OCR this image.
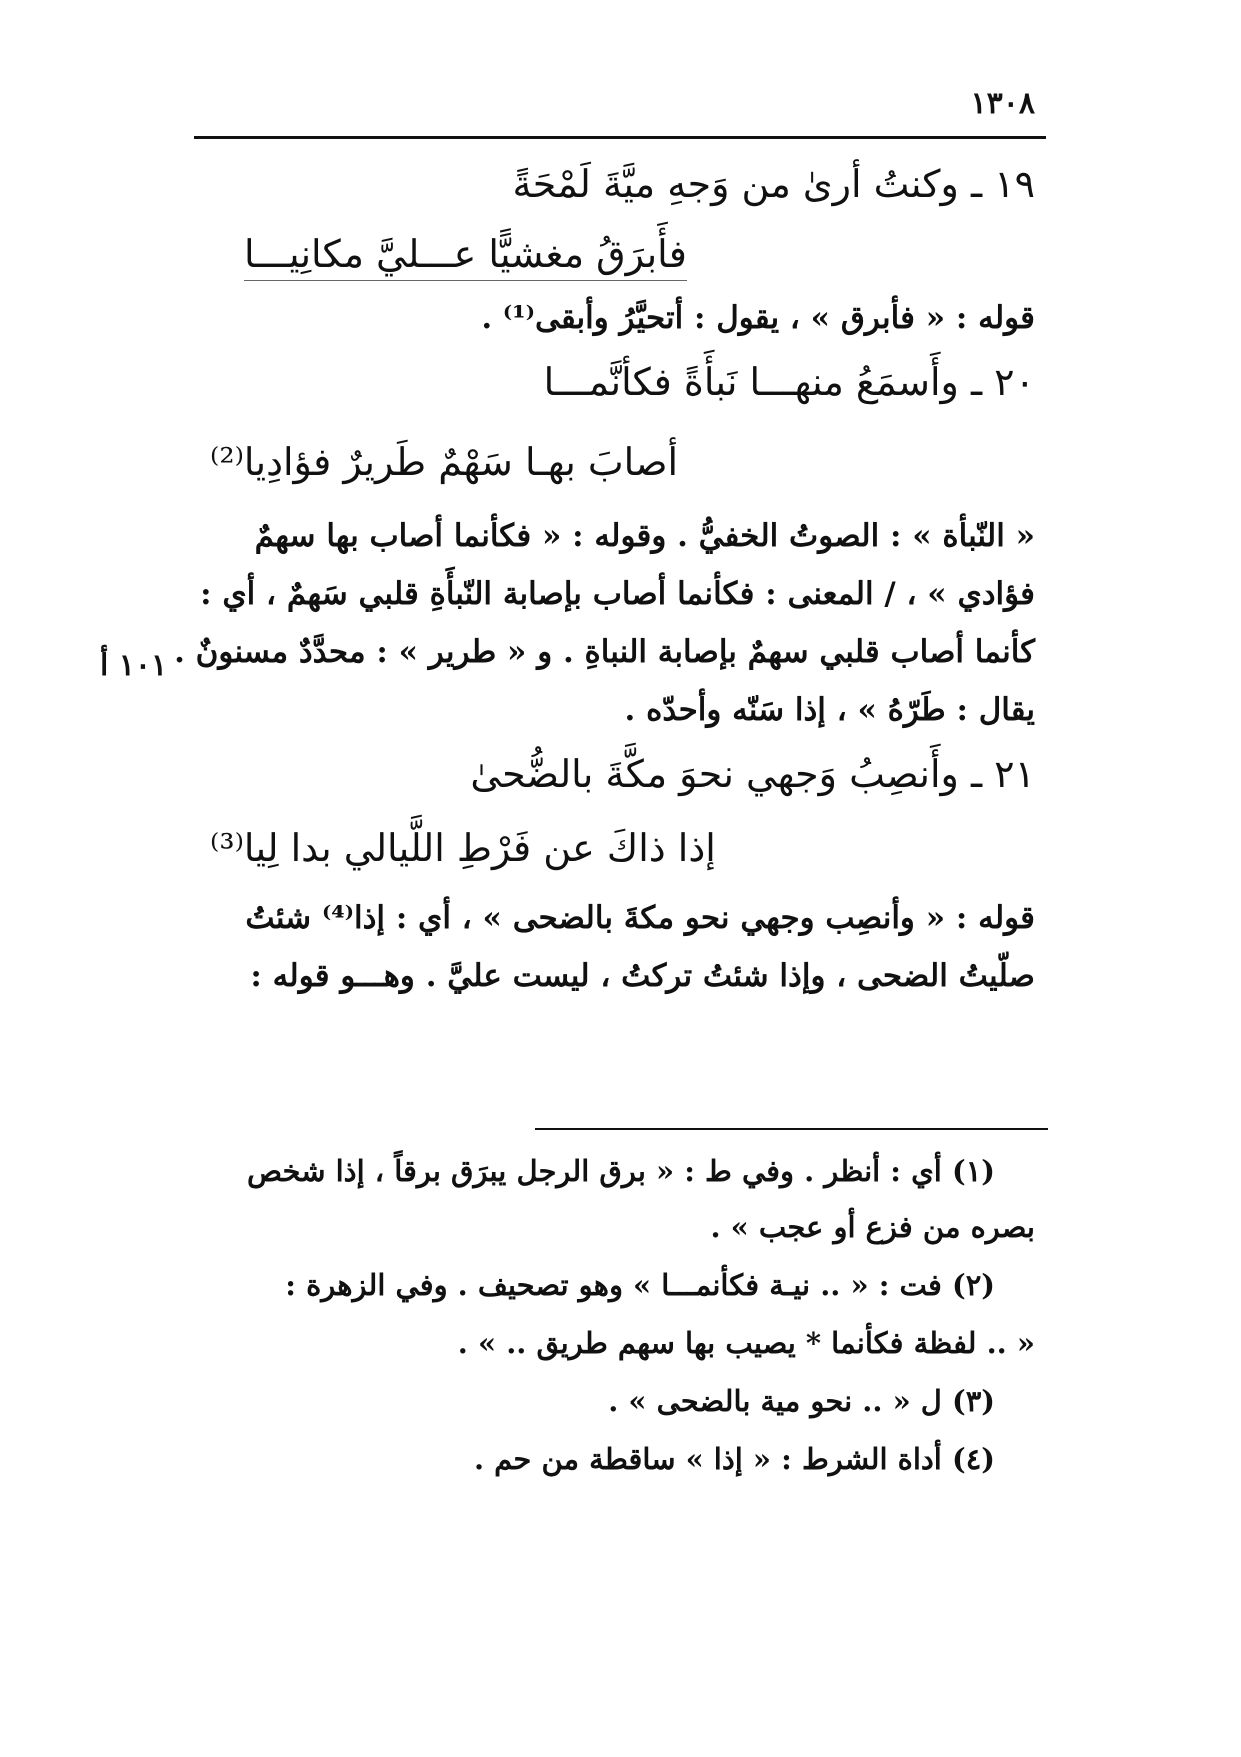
١٣٠٨
١٩ ـ وكنتُ أرىٰ من وَجهِ ميَّةَ لَمْحَةً
فأَبرَقُ مغشيًّا عـــليَّ مكانِيـــا
قوله : « فأبرق » ، يقول : أتحيَّرُ وأبقى⁽¹⁾ .
٢٠ ـ وأَسمَعُ منهـــا نَبأَةً فكأنَّمـــا
أصابَ بهـا سَهْمٌ طَريرٌ فؤادِيا⁽²⁾
« النّبأة » : الصوتُ الخفيُّ . وقوله : « فكأنما أصاب بها سهمٌ
فؤادي » ، / المعنى : فكأنما أصاب بإصابة النّبأَةِ قلبي سَهمٌ ، أي :
كأنما أصاب قلبي سهمٌ بإصابة النباةِ . و « طرير » : محدَّدٌ مسنونٌ .
يقال : طَرّهُ » ، إذا سَنّه وأحدّه .
١٠١ أ
٢١ ـ وأَنصِبُ وَجهي نحوَ مكَّةَ بالضُّحىٰ
إذا ذاكَ عن فَرْطِ اللَّيالي بدا لِيا⁽³⁾
قوله : « وأنصِب وجهي نحو مكةَ بالضحى » ، أي : إذا⁽⁴⁾ شئتُ
صلّيتُ الضحى ، وإذا شئتُ تركتُ ، ليست عليَّ . وهـــو قوله :
(١) أي : أنظر . وفي ط : « برق الرجل يبرَق برقاً ، إذا شخص
بصره من فزع أو عجب » .
(٢) فت : « .. نيـة فكأنمـــا » وهو تصحيف . وفي الزهرة :
« .. لفظة فكأنما * يصيب بها سهم طريق .. » .
(٣) ل « .. نحو مية بالضحى » .
(٤) أداة الشرط : « إذا » ساقطة من حم .
